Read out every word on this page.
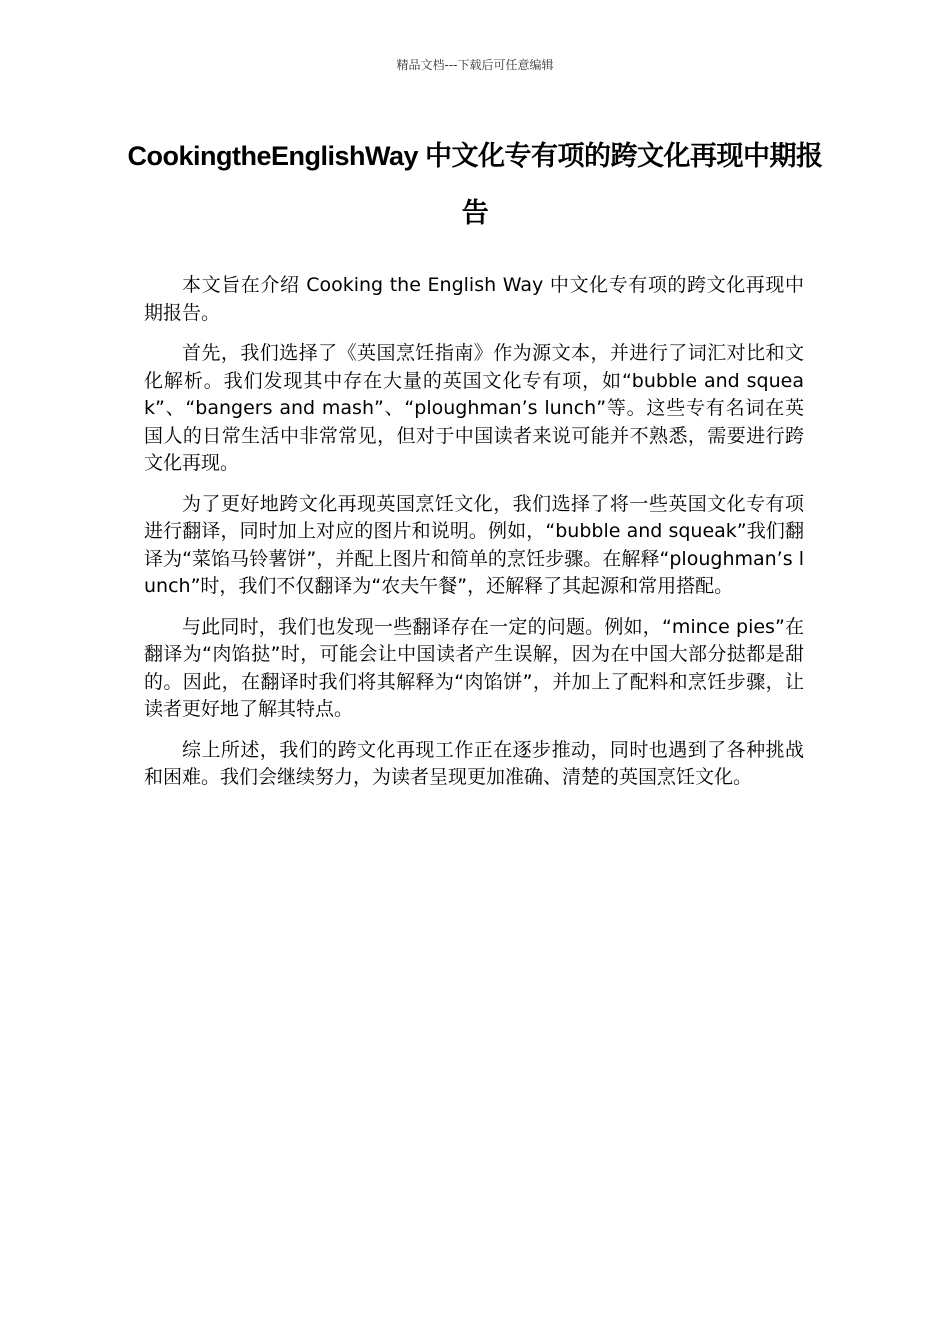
精品文档---下载后可任意编辑
CookingtheEnglishWay 中文化专有项的跨文化再现中期报告

本文旨在介绍 Cooking the English Way 中文化专有项的跨文化再现中期报告。

首先，我们选择了《英国烹饪指南》作为源文本，并进行了词汇对比和文化解析。我们发现其中存在大量的英国文化专有项，如“bubble and squeak”、“bangers and mash”、“ploughman’s lunch”等。这些专有名词在英国人的日常生活中非常常见，但对于中国读者来说可能并不熟悉，需要进行跨文化再现。

为了更好地跨文化再现英国烹饪文化，我们选择了将一些英国文化专有项进行翻译，同时加上对应的图片和说明。例如，“bubble and squeak”我们翻译为“菜馅马铃薯饼”，并配上图片和简单的烹饪步骤。在解释“ploughman’s lunch”时，我们不仅翻译为“农夫午餐”，还解释了其起源和常用搭配。

与此同时，我们也发现一些翻译存在一定的问题。例如，“mince pies”在翻译为“肉馅挞”时，可能会让中国读者产生误解，因为在中国大部分挞都是甜的。因此，在翻译时我们将其解释为“肉馅饼”，并加上了配料和烹饪步骤，让读者更好地了解其特点。

综上所述，我们的跨文化再现工作正在逐步推动，同时也遇到了各种挑战和困难。我们会继续努力，为读者呈现更加准确、清楚的英国烹饪文化。
